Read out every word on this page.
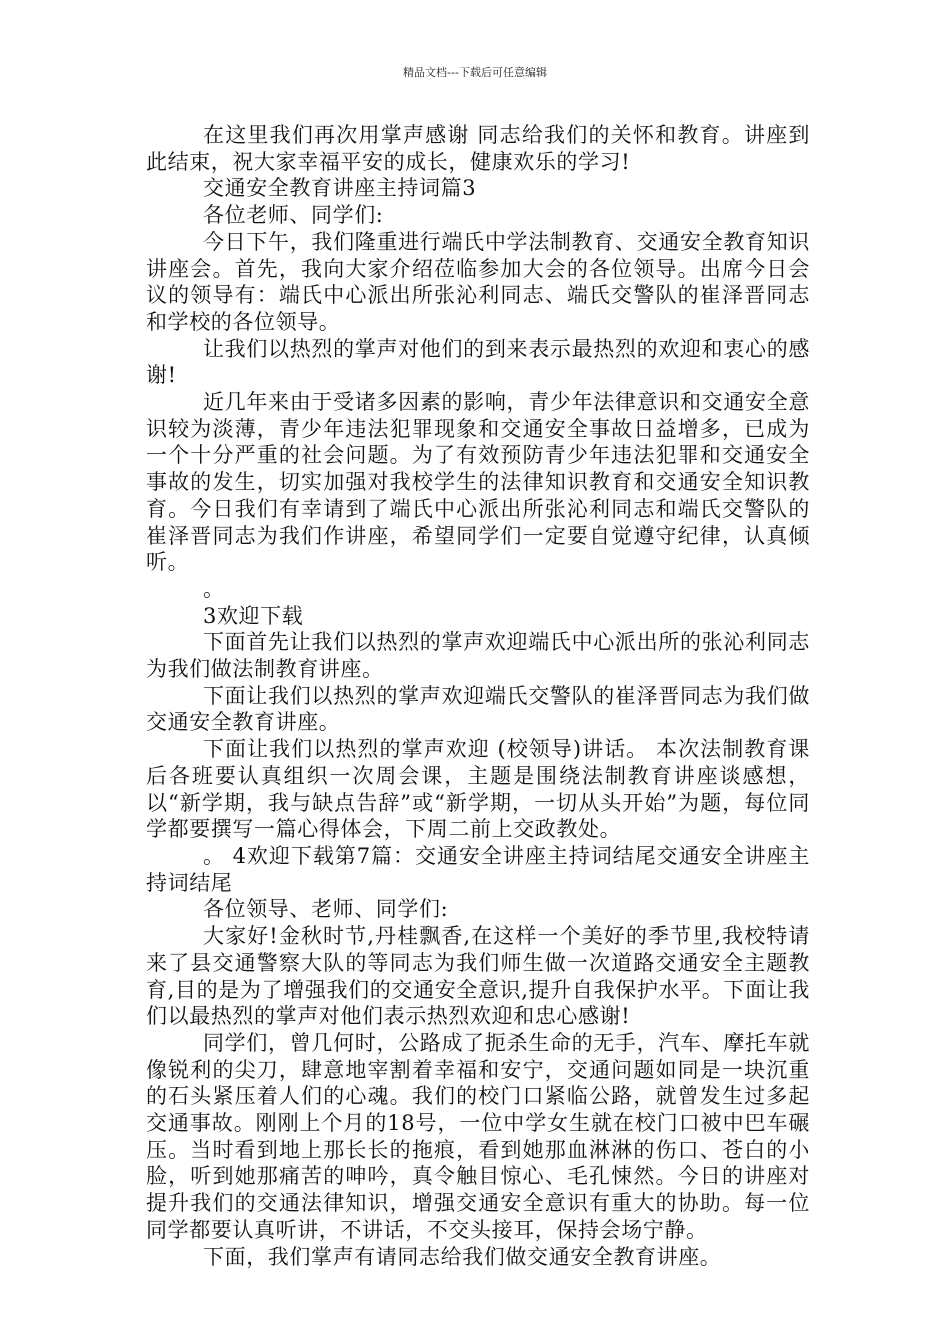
精品文档---下载后可任意编辑

在这里我们再次用掌声感谢 同志给我们的关怀和教育。讲座到此结束，祝大家幸福平安的成长，健康欢乐的学习!

交通安全教育讲座主持词篇3

各位老师、同学们:

今日下午，我们隆重进行端氏中学法制教育、交通安全教育知识讲座会。首先，我向大家介绍莅临参加大会的各位领导。出席今日会议的领导有：端氏中心派出所张沁利同志、端氏交警队的崔泽晋同志和学校的各位领导。

让我们以热烈的掌声对他们的到来表示最热烈的欢迎和衷心的感谢!

近几年来由于受诸多因素的影响，青少年法律意识和交通安全意识较为淡薄，青少年违法犯罪现象和交通安全事故日益增多，已成为一个十分严重的社会问题。为了有效预防青少年违法犯罪和交通安全事故的发生，切实加强对我校学生的法律知识教育和交通安全知识教育。今日我们有幸请到了端氏中心派出所张沁利同志和端氏交警队的崔泽晋同志为我们作讲座，希望同学们一定要自觉遵守纪律，认真倾听。

。

3欢迎下载

下面首先让我们以热烈的掌声欢迎端氏中心派出所的张沁利同志为我们做法制教育讲座。

下面让我们以热烈的掌声欢迎端氏交警队的崔泽晋同志为我们做交通安全教育讲座。

下面让我们以热烈的掌声欢迎 (校领导)讲话。 本次法制教育课后各班要认真组织一次周会课，主题是围绕法制教育讲座谈感想，以“新学期，我与缺点告辞”或“新学期，一切从头开始”为题，每位同学都要撰写一篇心得体会，下周二前上交政教处。

。 4欢迎下载第7篇：交通安全讲座主持词结尾交通安全讲座主持词结尾

各位领导、老师、同学们:

大家好!金秋时节,丹桂飘香,在这样一个美好的季节里,我校特请来了县交通警察大队的等同志为我们师生做一次道路交通安全主题教育,目的是为了增强我们的交通安全意识,提升自我保护水平。下面让我们以最热烈的掌声对他们表示热烈欢迎和忠心感谢!

同学们，曾几何时，公路成了扼杀生命的无手，汽车、摩托车就像锐利的尖刀，肆意地宰割着幸福和安宁，交通问题如同是一块沉重的石头紧压着人们的心魂。我们的校门口紧临公路，就曾发生过多起交通事故。刚刚上个月的18号，一位中学女生就在校门口被中巴车碾压。当时看到地上那长长的拖痕，看到她那血淋淋的伤口、苍白的小脸，听到她那痛苦的呻吟，真令触目惊心、毛孔悚然。今日的讲座对提升我们的交通法律知识，增强交通安全意识有重大的协助。每一位同学都要认真听讲，不讲话，不交头接耳，保持会场宁静。

下面，我们掌声有请同志给我们做交通安全教育讲座。
